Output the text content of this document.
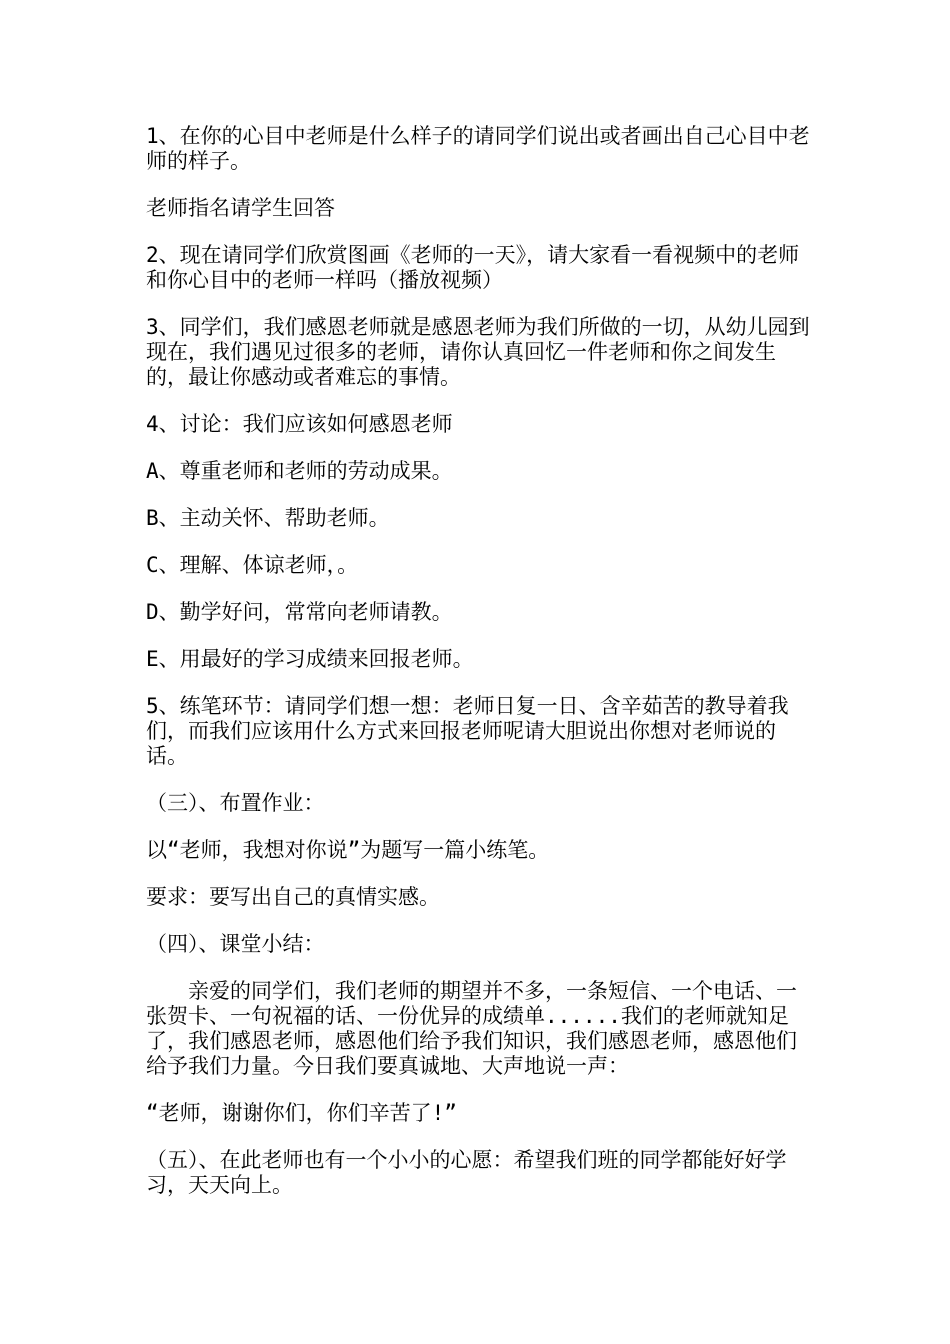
1、在你的心目中老师是什么样子的请同学们说出或者画出自己心目中老师的样子。

老师指名请学生回答

2、现在请同学们欣赏图画《老师的一天》，请大家看一看视频中的老师和你心目中的老师一样吗（播放视频）

3、同学们，我们感恩老师就是感恩老师为我们所做的一切，从幼儿园到现在，我们遇见过很多的老师，请你认真回忆一件老师和你之间发生的，最让你感动或者难忘的事情。

4、讨论：我们应该如何感恩老师

A、尊重老师和老师的劳动成果。

B、主动关怀、帮助老师。

C、理解、体谅老师，。

D、勤学好问，常常向老师请教。

E、用最好的学习成绩来回报老师。

5、练笔环节：请同学们想一想：老师日复一日、含辛茹苦的教导着我们，而我们应该用什么方式来回报老师呢请大胆说出你想对老师说的话。

（三）、布置作业：

以“老师，我想对你说”为题写一篇小练笔。

要求：要写出自己的真情实感。

（四）、课堂小结：

亲爱的同学们，我们老师的期望并不多，一条短信、一个电话、一张贺卡、一句祝福的话、一份优异的成绩单......我们的老师就知足了，我们感恩老师，感恩他们给予我们知识，我们感恩老师，感恩他们给予我们力量。今日我们要真诚地、大声地说一声：

“老师，谢谢你们，你们辛苦了!”

（五）、在此老师也有一个小小的心愿：希望我们班的同学都能好好学习，天天向上。
